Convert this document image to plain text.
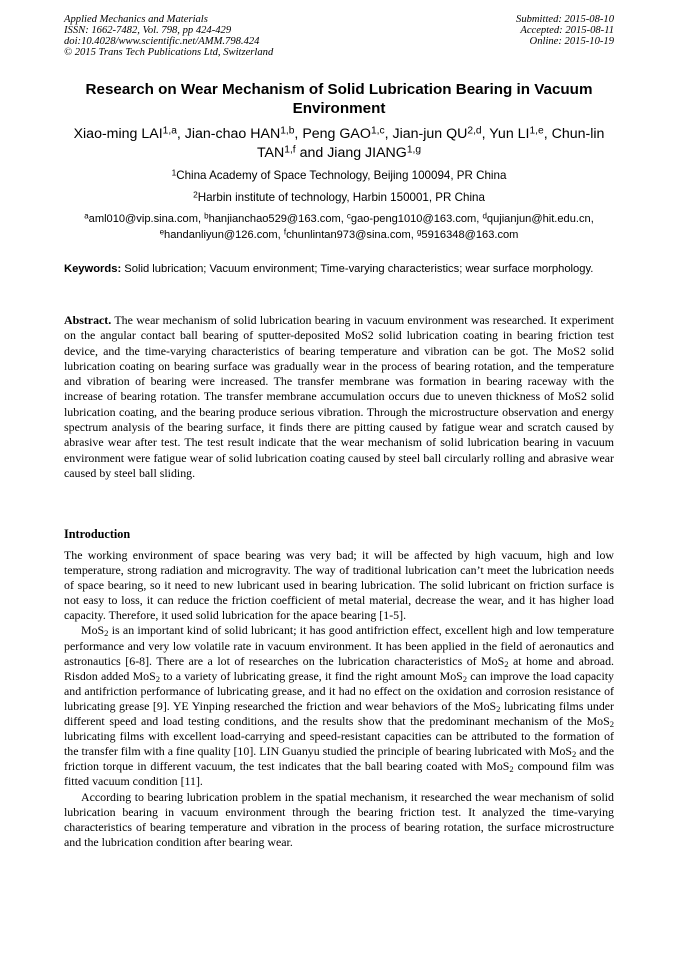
Applied Mechanics and Materials
ISSN: 1662-7482, Vol. 798, pp 424-429
doi:10.4028/www.scientific.net/AMM.798.424
© 2015 Trans Tech Publications Ltd, Switzerland
Submitted: 2015-08-10
Accepted: 2015-08-11
Online: 2015-10-19
Research on Wear Mechanism of Solid Lubrication Bearing in Vacuum Environment
Xiao-ming LAI$^{1,a}$, Jian-chao HAN$^{1,b}$, Peng GAO$^{1,c}$, Jian-jun QU$^{2,d}$, Yun LI$^{1,e}$, Chun-lin TAN$^{1,f}$ and Jiang JIANG$^{1,g}$
$^1$China Academy of Space Technology, Beijing 100094, PR China
$^2$Harbin institute of technology, Harbin 150001, PR China
$^a$aml010@vip.sina.com, $^b$hanjianchao529@163.com, $^c$gao-peng1010@163.com, $^d$qujianjun@hit.edu.cn, $^e$handanliyun@126.com, $^f$chunlintan973@sina.com, $^g$5916348@163.com
Keywords: Solid lubrication; Vacuum environment; Time-varying characteristics; wear surface morphology.
Abstract. The wear mechanism of solid lubrication bearing in vacuum environment was researched. It experiment on the angular contact ball bearing of sputter-deposited MoS2 solid lubrication coating in bearing friction test device, and the time-varying characteristics of bearing temperature and vibration can be got. The MoS2 solid lubrication coating on bearing surface was gradually wear in the process of bearing rotation, and the temperature and vibration of bearing were increased. The transfer membrane was formation in bearing raceway with the increase of bearing rotation. The transfer membrane accumulation occurs due to uneven thickness of MoS2 solid lubrication coating, and the bearing produce serious vibration. Through the microstructure observation and energy spectrum analysis of the bearing surface, it finds there are pitting caused by fatigue wear and scratch caused by abrasive wear after test. The test result indicate that the wear mechanism of solid lubrication bearing in vacuum environment were fatigue wear of solid lubrication coating caused by steel ball circularly rolling and abrasive wear caused by steel ball sliding.
Introduction

The working environment of space bearing was very bad; it will be affected by high vacuum, high and low temperature, strong radiation and microgravity. The way of traditional lubrication can’t meet the lubrication needs of space bearing, so it need to new lubricant used in bearing lubrication. The solid lubricant on friction surface is not easy to loss, it can reduce the friction coefficient of metal material, decrease the wear, and it has higher load capacity. Therefore, it used solid lubrication for the apace bearing [1-5].

MoS$_2$ is an important kind of solid lubricant; it has good antifriction effect, excellent high and low temperature performance and very low volatile rate in vacuum environment. It has been applied in the field of aeronautics and astronautics [6-8]. There are a lot of researches on the lubrication characteristics of MoS$_2$ at home and abroad. Risdon added MoS$_2$ to a variety of lubricating grease, it find the right amount MoS$_2$ can improve the load capacity and antifriction performance of lubricating grease, and it had no effect on the oxidation and corrosion resistance of lubricating grease [9]. YE Yinping researched the friction and wear behaviors of the MoS$_2$ lubricating films under different speed and load testing conditions, and the results show that the predominant mechanism of the MoS$_2$ lubricating films with excellent load-carrying and speed-resistant capacities can be attributed to the formation of the transfer film with a fine quality [10]. LIN Guanyu studied the principle of bearing lubricated with MoS$_2$ and the friction torque in different vacuum, the test indicates that the ball bearing coated with MoS$_2$ compound film was fitted vacuum condition [11].

According to bearing lubrication problem in the spatial mechanism, it researched the wear mechanism of solid lubrication bearing in vacuum environment through the bearing friction test. It analyzed the time-varying characteristics of bearing temperature and vibration in the process of bearing rotation, the surface microstructure and the lubrication condition after bearing wear.
